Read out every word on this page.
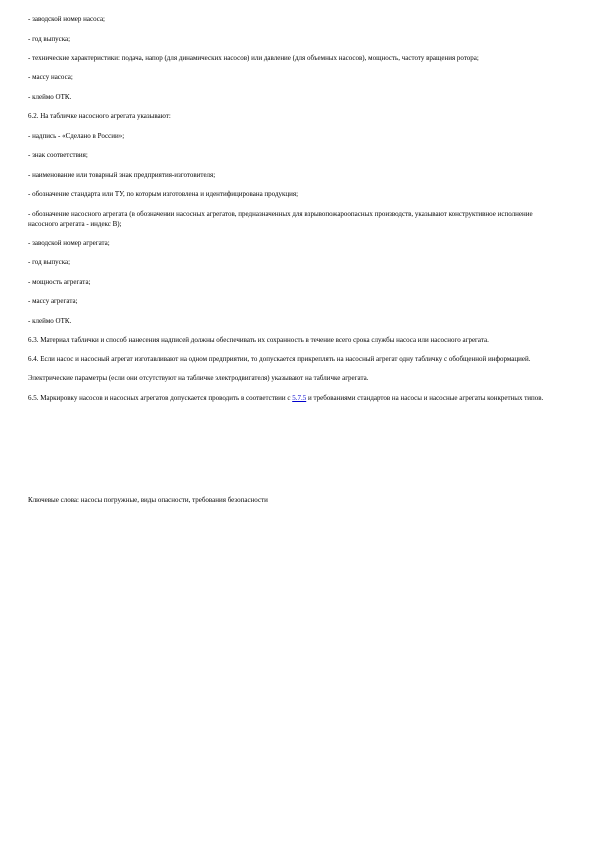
- заводской номер насоса;

- год выпуска;

- технические характеристики: подача, напор (для динамических насосов) или давление (для объемных насосов), мощность, частоту вращения ротора;

- массу насоса;

- клеймо ОТК.

6.2. На табличке насосного агрегата указывают:

- надпись - «Сделано в России»;

- знак соответствия;

- наименование или товарный знак предприятия-изготовителя;

- обозначение стандарта или ТУ, по которым изготовлена и идентифицирована продукция;

- обозначение насосного агрегата (в обозначении насосных агрегатов, предназначенных для взрывопожароопасных производств, указывают конструктивное исполнение насосного агрегата - индекс В);

- заводской номер агрегата;

- год выпуска;

- мощность агрегата;

- массу агрегата;

- клеймо ОТК.

6.3. Материал таблички и способ нанесения надписей должны обеспечивать их сохранность в течение всего срока службы насоса или насосного агрегата.

6.4. Если насос и насосный агрегат изготавливают на одном предприятии, то допускается прикреплять на насосный агрегат одну табличку с обобщенной информацией.

Электрические параметры (если они отсутствуют на табличке электродвигателя) указывают на табличке агрегата.

6.5. Маркировку насосов и насосных агрегатов допускается проводить в соответствии с 5.7.5 и требованиями стандартов на насосы и насосные агрегаты конкретных типов.

Ключевые слова: насосы погружные, виды опасности, требования безопасности
